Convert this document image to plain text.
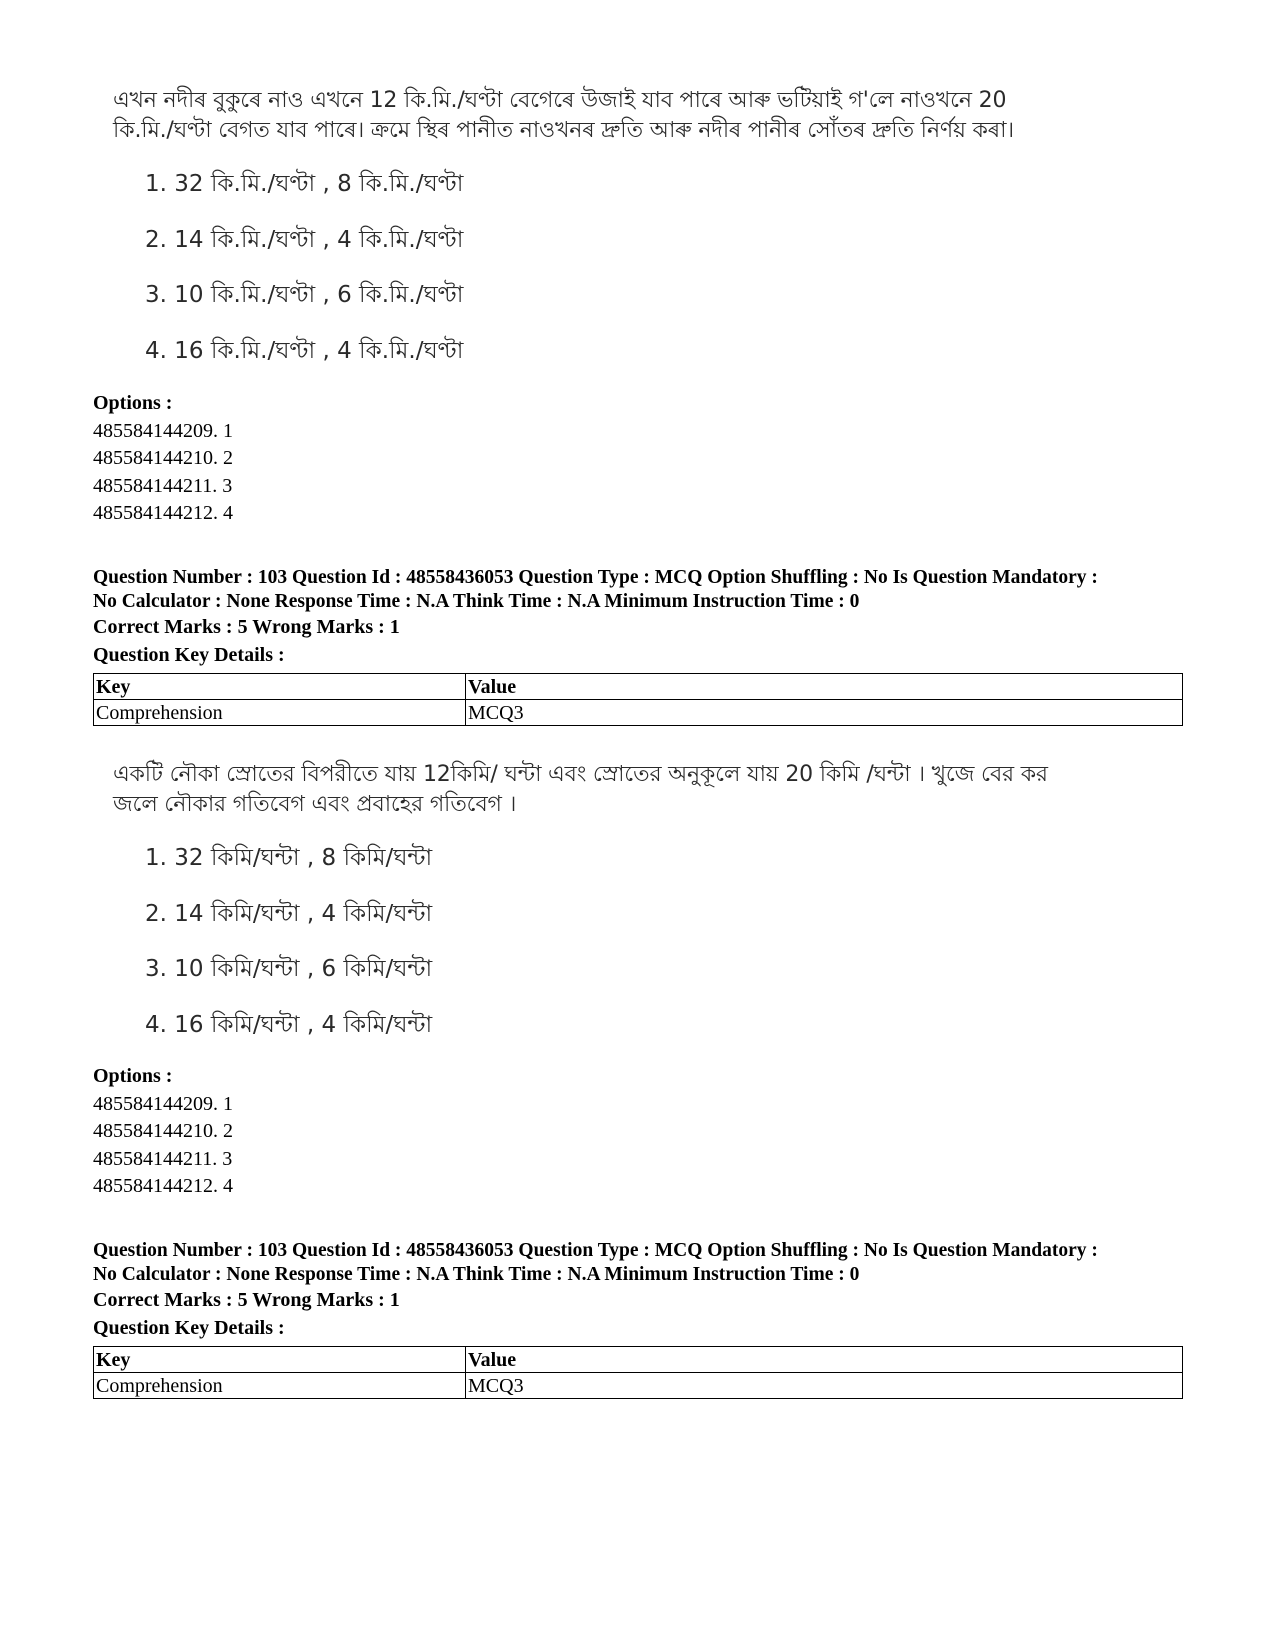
এখন নদীৰ বুকুৰে নাও এখনে 12 কি.মি./ঘণ্টা বেগেৰে উজাই যাব পাৰে আৰু ভটিয়াই গ'লে নাওখনে 20
কি.মি./ঘণ্টা বেগত যাব পাৰে। ক্ৰমে স্থিৰ পানীত নাওখনৰ দ্ৰুতি আৰু নদীৰ পানীৰ সোঁতৰ দ্ৰুতি নিৰ্ণয় কৰা।

1. 32 কি.মি./ঘণ্টা , 8 কি.মি./ঘণ্টা
2. 14 কি.মি./ঘণ্টা , 4 কি.মি./ঘণ্টা
3. 10 কি.মি./ঘণ্টা , 6 কি.মি./ঘণ্টা
4. 16 কি.মি./ঘণ্টা , 4 কি.মি./ঘণ্টা
Options :
485584144209. 1
485584144210. 2
485584144211. 3
485584144212. 4
Question Number : 103 Question Id : 48558436053 Question Type : MCQ Option Shuffling : No Is Question Mandatory :
No Calculator : None Response Time : N.A Think Time : N.A Minimum Instruction Time : 0
Correct Marks : 5 Wrong Marks : 1
Question Key Details :
Key	Value
Comprehension	MCQ3

একটি নৌকা স্রোতের বিপরীতে যায় 12কিমি/ ঘন্টা এবং স্রোতের অনুকূলে যায় 20 কিমি /ঘন্টা । খুজে বের কর
জলে নৌকার গতিবেগ এবং প্রবাহের গতিবেগ ।

1. 32 কিমি/ঘন্টা , 8 কিমি/ঘন্টা
2. 14 কিমি/ঘন্টা , 4 কিমি/ঘন্টা
3. 10 কিমি/ঘন্টা , 6 কিমি/ঘন্টা
4. 16 কিমি/ঘন্টা , 4 কিমি/ঘন্টা
Options :
485584144209. 1
485584144210. 2
485584144211. 3
485584144212. 4
Question Number : 103 Question Id : 48558436053 Question Type : MCQ Option Shuffling : No Is Question Mandatory :
No Calculator : None Response Time : N.A Think Time : N.A Minimum Instruction Time : 0
Correct Marks : 5 Wrong Marks : 1
Question Key Details :
Key	Value
Comprehension	MCQ3
